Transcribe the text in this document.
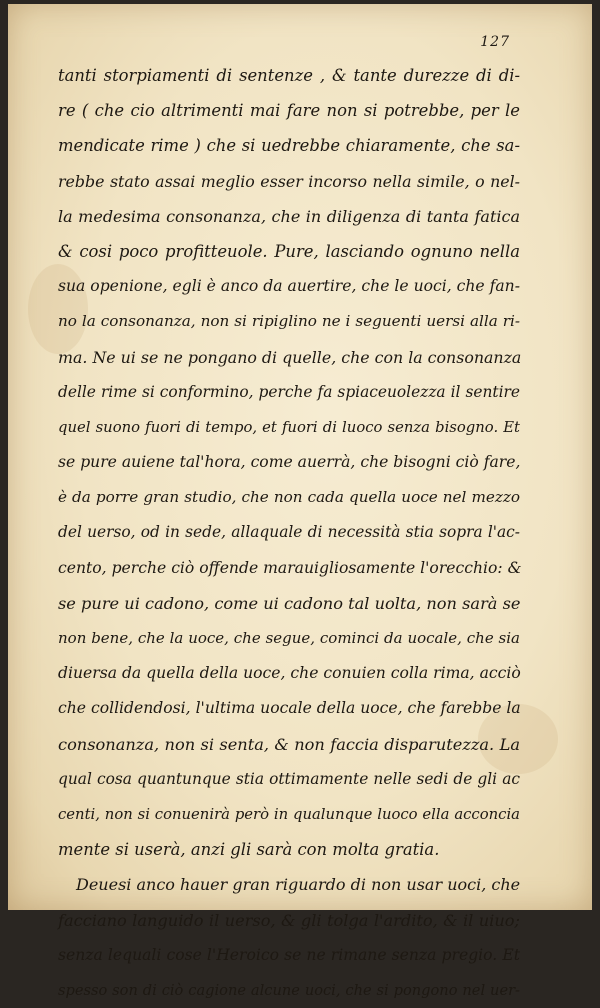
127
tanti storpiamenti di sentenze , & tante durezze di di-
re ( che cio altrimenti mai fare non si potrebbe, per le
mendicate rime ) che si uedrebbe chiaramente, che sa-
rebbe stato assai meglio esser incorso nella simile, o nel-
la medesima consonanza, che in diligenza di tanta fatica
& cosi poco profitteuole. Pure, lasciando ognuno nella
sua openione, egli è anco da auertire, che le uoci, che fan-
no la consonanza, non si ripiglino ne i seguenti uersi alla ri-
ma. Ne ui se ne pongano di quelle, che con la consonanza
delle rime si conformino, perche fa spiaceuolezza il sentire
quel suono fuori di tempo, et fuori di luoco senza bisogno. Et
se pure auiene tal'hora, come auerrà, che bisogni ciò fare,
è da porre gran studio, che non cada quella uoce nel mezzo
del uerso, od in sede, allaquale di necessità stia sopra l'ac-
cento, perche ciò offende marauigliosamente l'orecchio: &
se pure ui cadono, come ui cadono tal uolta, non sarà se
non bene, che la uoce, che segue, cominci da uocale, che sia
diuersa da quella della uoce, che conuien colla rima, acciò
che collidendosi, l'ultima uocale della uoce, che farebbe la
consonanza, non si senta, & non faccia disparutezza. La
qual cosa quantunque stia ottimamente nelle sedi de gli ac
centi, non si conuenirà però in qualunque luoco ella acconcia
mente si userà, anzi gli sarà con molta gratia.
Deuesi anco hauer gran riguardo di non usar uoci, che
facciano languido il uerso, & gli tolga l'ardito, & il uiuo;
senza lequali cose l'Heroico se ne rimane senza pregio. Et
spesso son di ciò cagione alcune uoci, che si pongono nel uer-
